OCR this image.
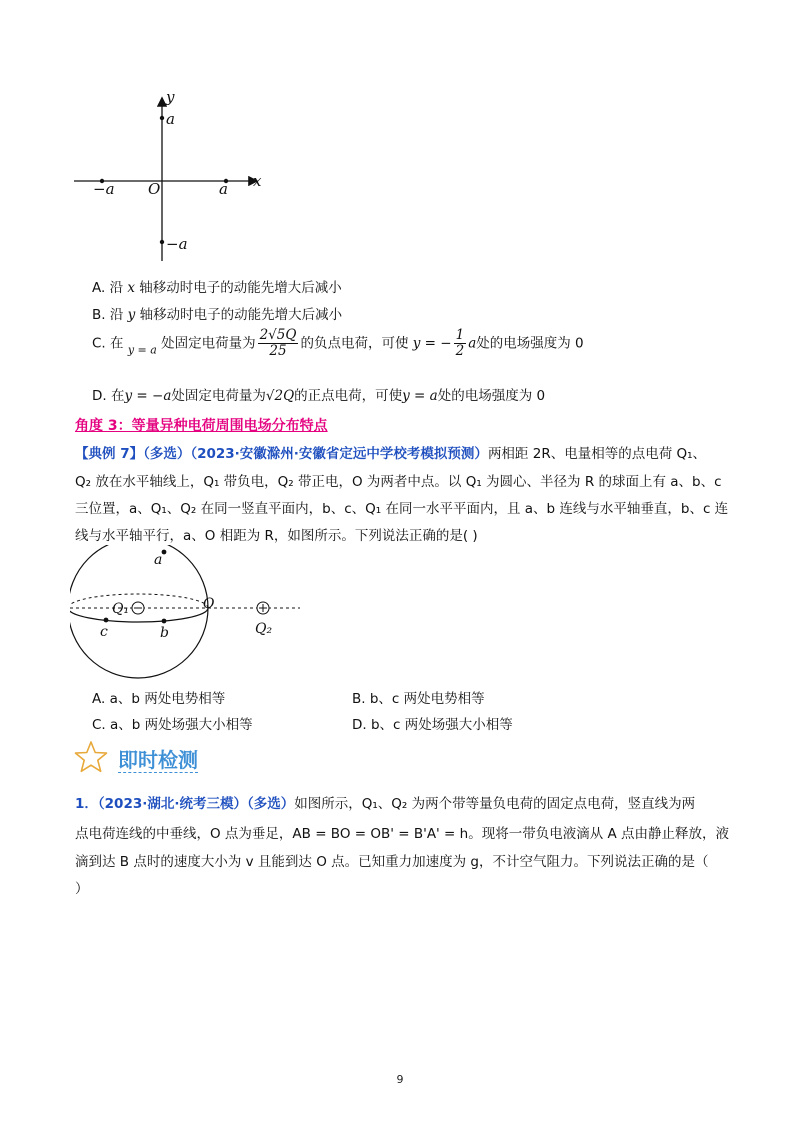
y
x
a
O	a
−a
−a
A. 沿 x 轴移动时电子的动能先增大后减小
B. 沿 y 轴移动时电子的动能先增大后减小
C. 在 $_{y = a}$ 处固定电荷量为 $\frac{2√5Q}{25}$ 的负点电荷，可使 y = − $\frac{1}{2}$ a处的电场强度为 0
D. 在y = −a处固定电荷量为√2Q的正点电荷，可使y = a处的电场强度为 0
角度 3：等量异种电荷周围电场分布特点
【典例 7】（多选）（2023·安徽滁州·安徽省定远中学校考模拟预测）两相距 2R、电量相等的点电荷 Q₁、
Q₂ 放在水平轴线上，Q₁ 带负电，Q₂ 带正电，O 为两者中点。以 Q₁ 为圆心、半径为 R 的球面上有 a、b、c
三位置，a、Q₁、Q₂ 在同一竖直平面内，b、c、Q₁ 在同一水平平面内，且 a、b 连线与水平轴垂直，b、c 连
线与水平轴平行，a、O 相距为 R，如图所示。下列说法正确的是( )
a
Q₁	O
Q₂
c	b
A. a、b 两处电势相等	B. b、c 两处电势相等
C. a、b 两处场强大小相等	D. b、c 两处场强大小相等
即时检测
1．（2023·湖北·统考三模）（多选）如图所示，Q₁、Q₂ 为两个带等量负电荷的固定点电荷，竖直线为两
点电荷连线的中垂线，O 点为垂足，AB = BO = OB' = B'A' = h。现将一带负电液滴从 A 点由静止释放，液
滴到达 B 点时的速度大小为 v 且能到达 O 点。已知重力加速度为 g，不计空气阻力。下列说法正确的是（
）
9
